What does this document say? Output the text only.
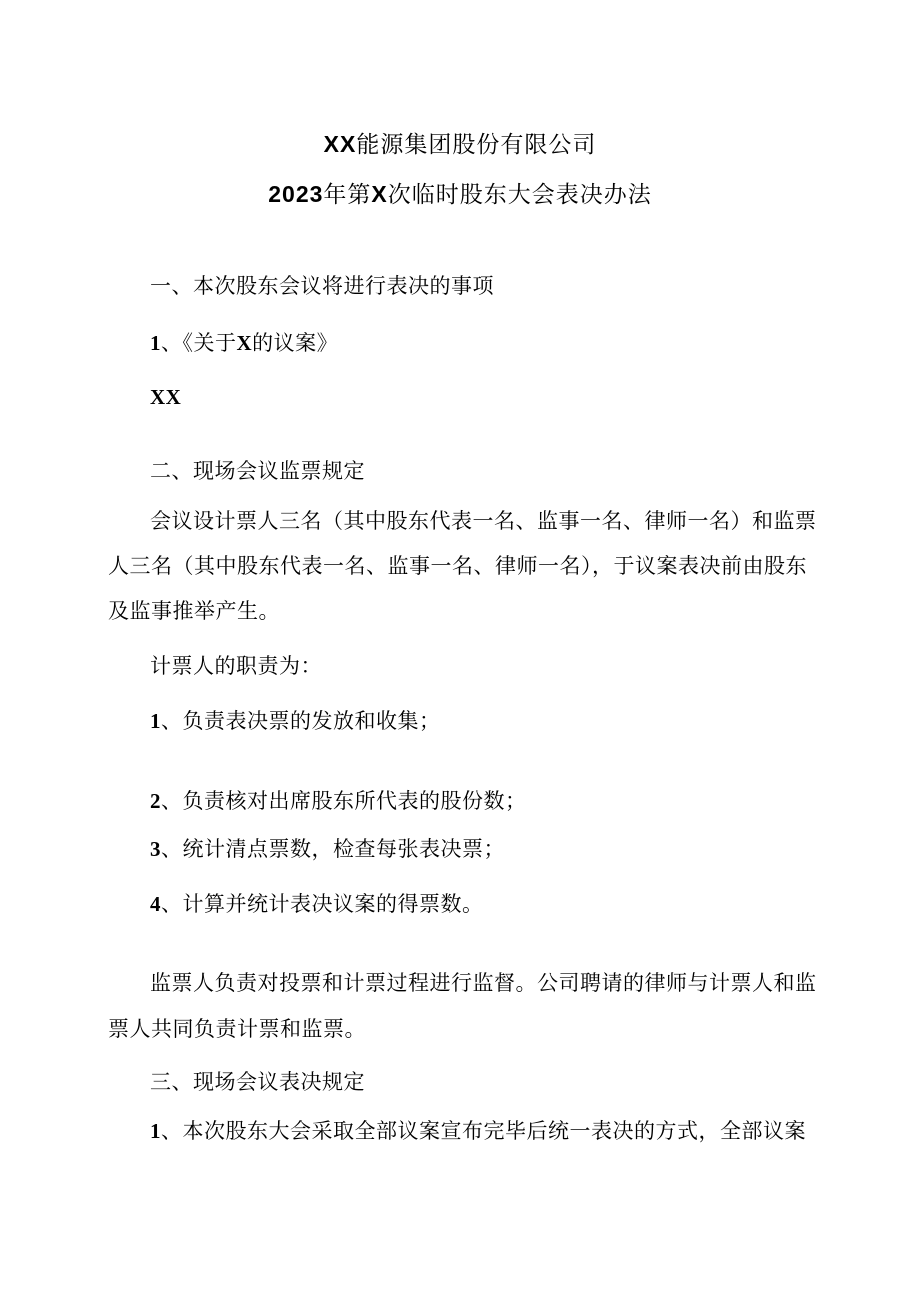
XX能源集团股份有限公司
2023年第X次临时股东大会表决办法
一、本次股东会议将进行表决的事项
1、《关于X的议案》
XX
二、现场会议监票规定
会议设计票人三名（其中股东代表一名、监事一名、律师一名）和监票
人三名（其中股东代表一名、监事一名、律师一名），于议案表决前由股东
及监事推举产生。
计票人的职责为：
1、负责表决票的发放和收集；
2、负责核对出席股东所代表的股份数；
3、统计清点票数，检查每张表决票；
4、计算并统计表决议案的得票数。
监票人负责对投票和计票过程进行监督。公司聘请的律师与计票人和监
票人共同负责计票和监票。
三、现场会议表决规定
1、本次股东大会采取全部议案宣布完毕后统一表决的方式，全部议案
